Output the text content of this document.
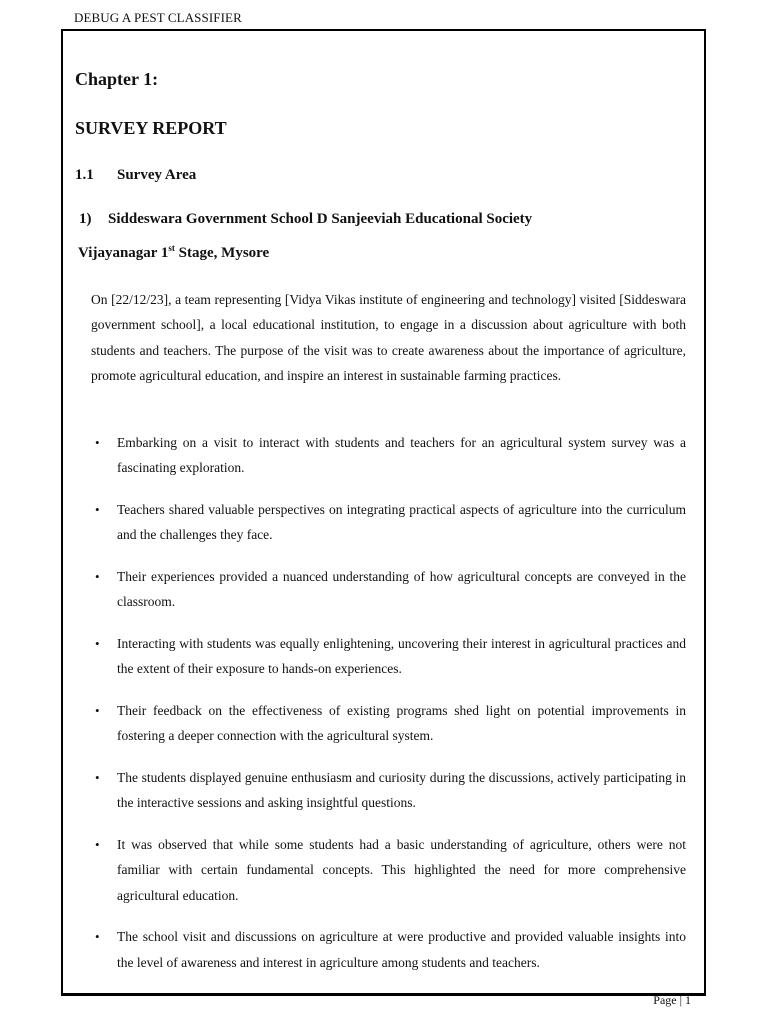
DEBUG A PEST CLASSIFIER
Chapter 1:
SURVEY REPORT
1.1	Survey Area
1)	Siddeswara Government School D Sanjeeviah Educational Society
Vijayanagar 1st Stage, Mysore

On [22/12/23], a team representing [Vidya Vikas institute of engineering and technology] visited [Siddeswara government school], a local educational institution, to engage in a discussion about agriculture with both students and teachers. The purpose of the visit was to create awareness about the importance of agriculture, promote agricultural education, and inspire an interest in sustainable farming practices.

• Embarking on a visit to interact with students and teachers for an agricultural system survey was a fascinating exploration.
• Teachers shared valuable perspectives on integrating practical aspects of agriculture into the curriculum and the challenges they face.
• Their experiences provided a nuanced understanding of how agricultural concepts are conveyed in the classroom.
• Interacting with students was equally enlightening, uncovering their interest in agricultural practices and the extent of their exposure to hands-on experiences.
• Their feedback on the effectiveness of existing programs shed light on potential improvements in fostering a deeper connection with the agricultural system.
• The students displayed genuine enthusiasm and curiosity during the discussions, actively participating in the interactive sessions and asking insightful questions.
• It was observed that while some students had a basic understanding of agriculture, others were not familiar with certain fundamental concepts. This highlighted the need for more comprehensive agricultural education.
• The school visit and discussions on agriculture at were productive and provided valuable insights into the level of awareness and interest in agriculture among students and teachers.
Page | 1
